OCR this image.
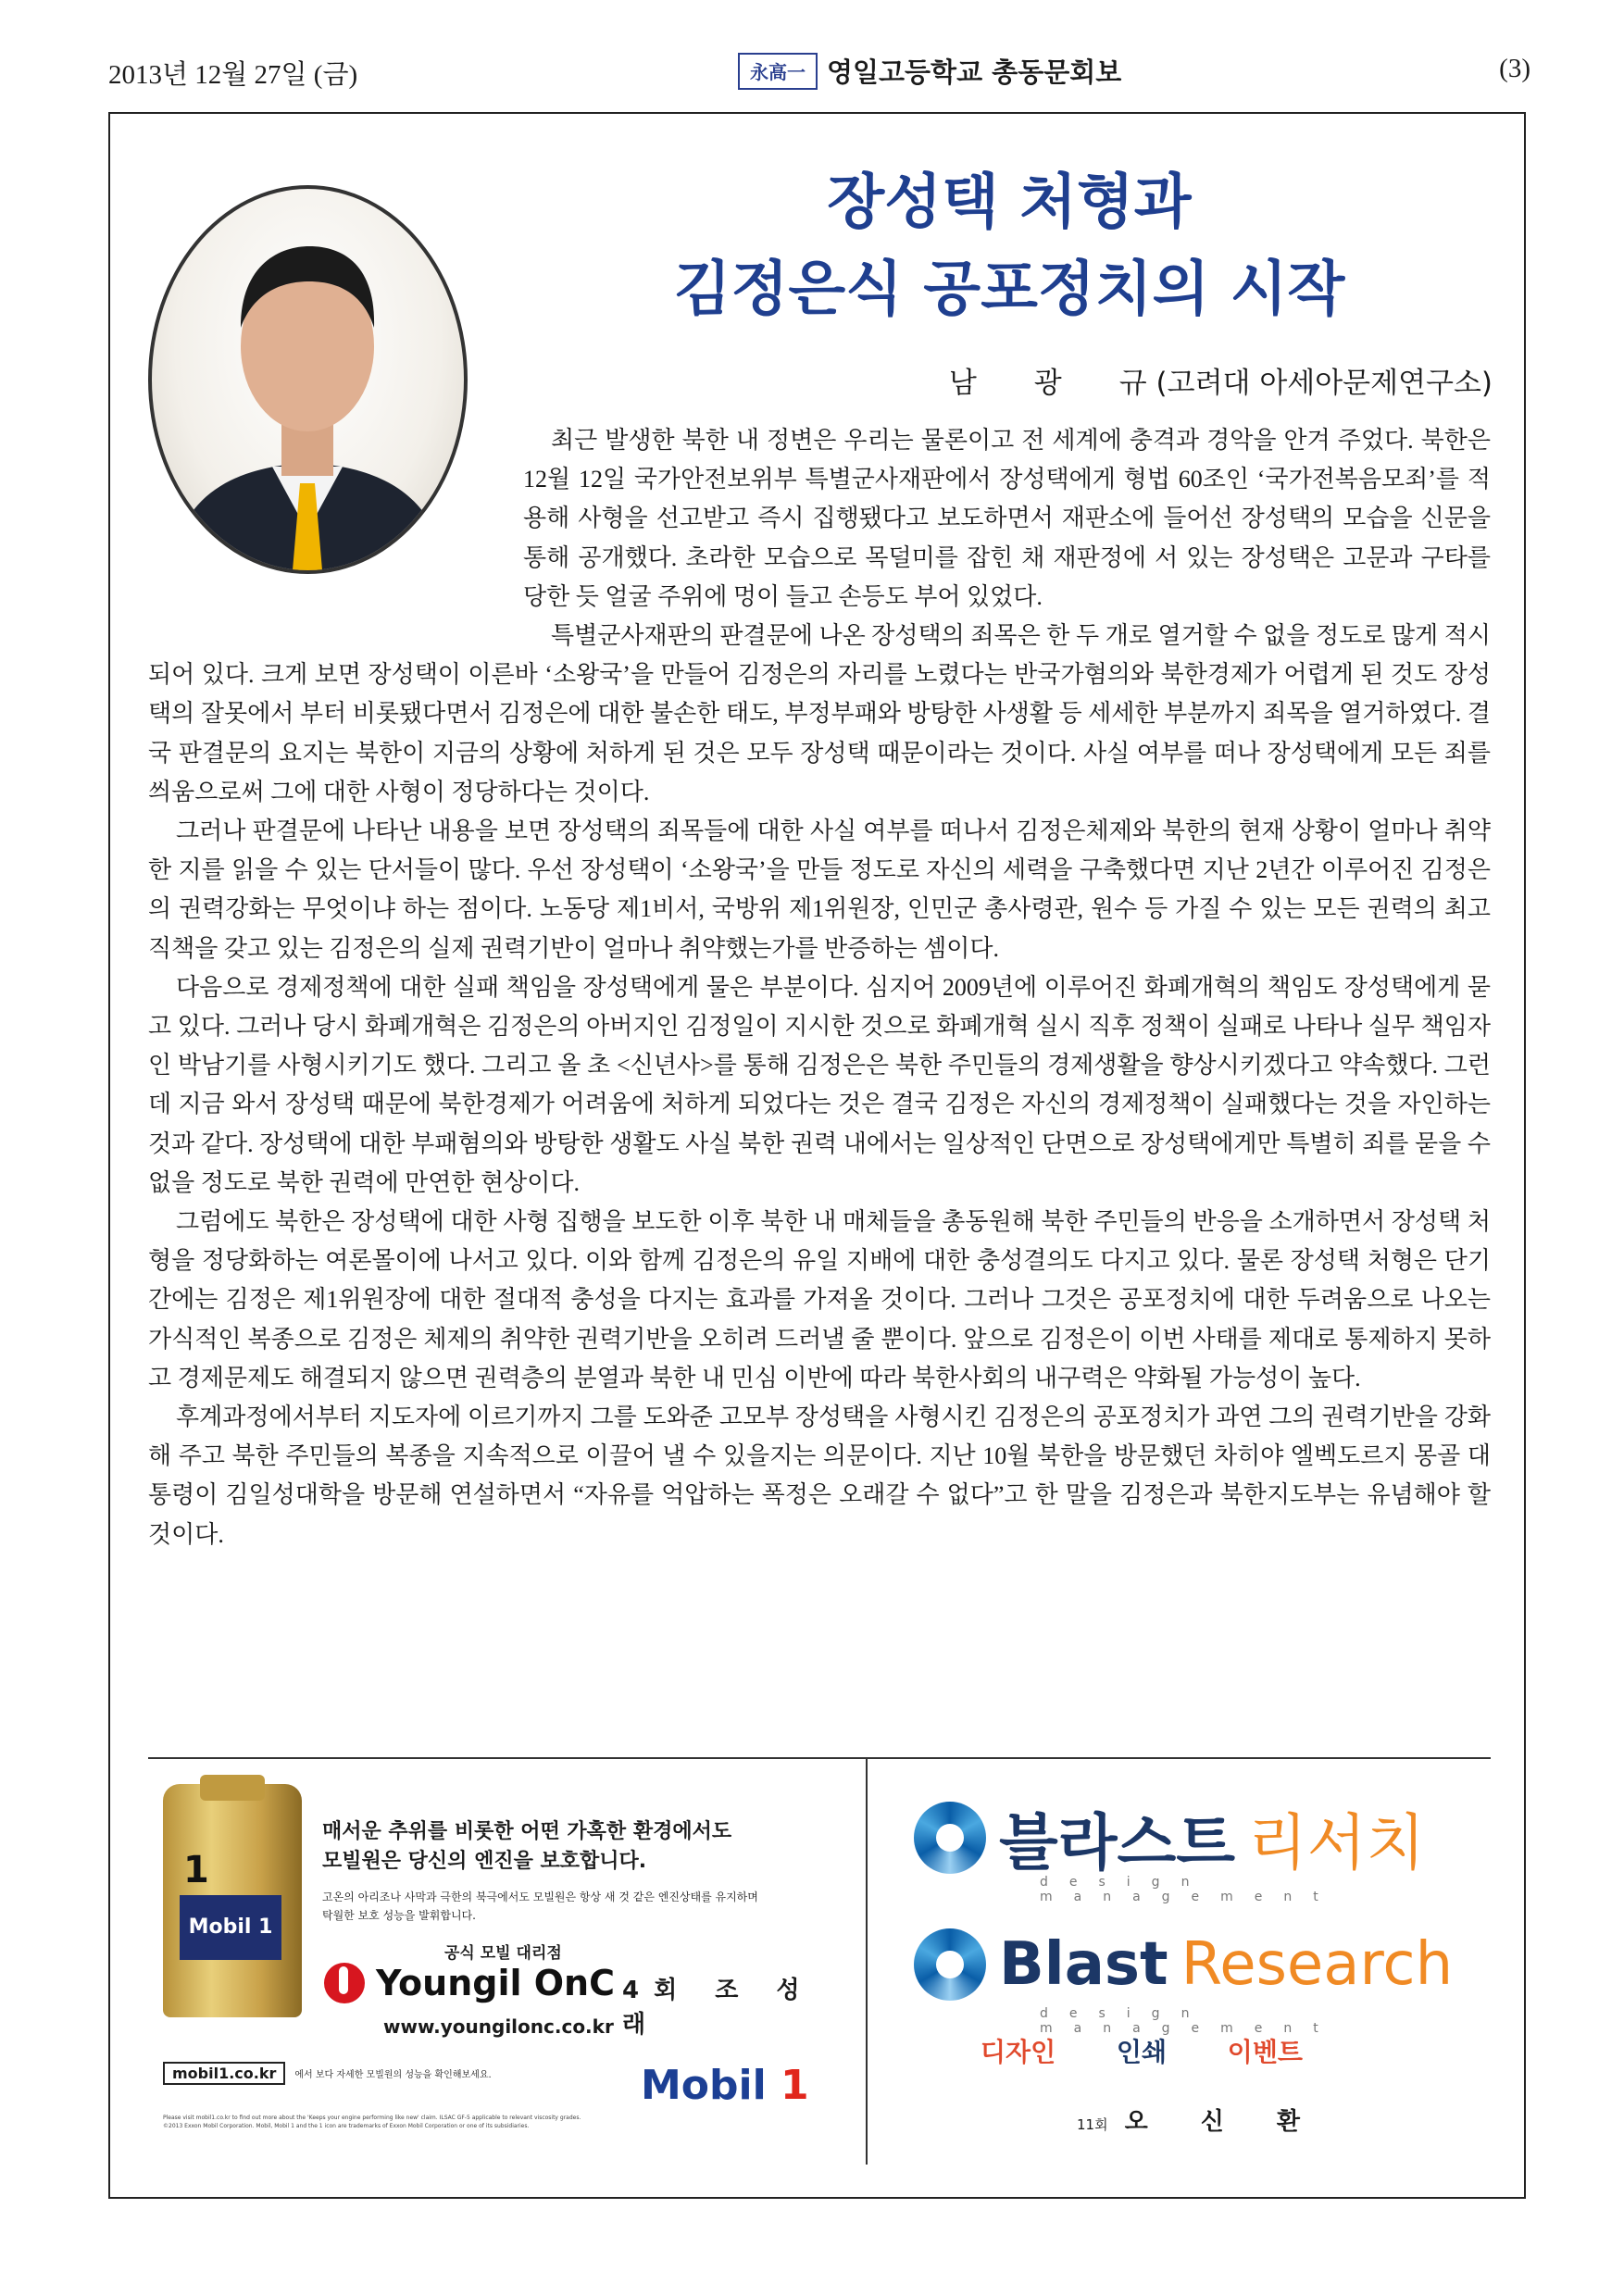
2013년 12월 27일 (금)	永高一 영일고등학교 총동문회보	(3)
장성택 처형과
김정은식 공포정치의 시작
남　　광　　규 (고려대 아세아문제연구소)

최근 발생한 북한 내 정변은 우리는 물론이고 전 세계에 충격과 경악을 안겨 주었다. 북한은 12월 12일 국가안전보위부 특별군사재판에서 장성택에게 형법 60조인 ‘국가전복음모죄’를 적용해 사형을 선고받고 즉시 집행됐다고 보도하면서 재판소에 들어선 장성택의 모습을 신문을 통해 공개했다. 초라한 모습으로 목덜미를 잡힌 채 재판정에 서 있는 장성택은 고문과 구타를 당한 듯 얼굴 주위에 멍이 들고 손등도 부어 있었다.

특별군사재판의 판결문에 나온 장성택의 죄목은 한 두 개로 열거할 수 없을 정도로 많게 적시되어 있다. 크게 보면 장성택이 이른바 ‘소왕국’을 만들어 김정은의 자리를 노렸다는 반국가혐의와 북한경제가 어렵게 된 것도 장성택의 잘못에서 부터 비롯됐다면서 김정은에 대한 불손한 태도, 부정부패와 방탕한 사생활 등 세세한 부분까지 죄목을 열거하였다. 결국 판결문의 요지는 북한이 지금의 상황에 처하게 된 것은 모두 장성택 때문이라는 것이다. 사실 여부를 떠나 장성택에게 모든 죄를 씌움으로써 그에 대한 사형이 정당하다는 것이다.

그러나 판결문에 나타난 내용을 보면 장성택의 죄목들에 대한 사실 여부를 떠나서 김정은체제와 북한의 현재 상황이 얼마나 취약한 지를 읽을 수 있는 단서들이 많다. 우선 장성택이 ‘소왕국’을 만들 정도로 자신의 세력을 구축했다면 지난 2년간 이루어진 김정은의 권력강화는 무엇이냐 하는 점이다. 노동당 제1비서, 국방위 제1위원장, 인민군 총사령관, 원수 등 가질 수 있는 모든 권력의 최고 직책을 갖고 있는 김정은의 실제 권력기반이 얼마나 취약했는가를 반증하는 셈이다.

다음으로 경제정책에 대한 실패 책임을 장성택에게 물은 부분이다. 심지어 2009년에 이루어진 화폐개혁의 책임도 장성택에게 묻고 있다. 그러나 당시 화폐개혁은 김정은의 아버지인 김정일이 지시한 것으로 화폐개혁 실시 직후 정책이 실패로 나타나 실무 책임자인 박남기를 사형시키기도 했다. 그리고 올 초 <신년사>를 통해 김정은은 북한 주민들의 경제생활을 향상시키겠다고 약속했다. 그런데 지금 와서 장성택 때문에 북한경제가 어려움에 처하게 되었다는 것은 결국 김정은 자신의 경제정책이 실패했다는 것을 자인하는 것과 같다. 장성택에 대한 부패혐의와 방탕한 생활도 사실 북한 권력 내에서는 일상적인 단면으로 장성택에게만 특별히 죄를 묻을 수 없을 정도로 북한 권력에 만연한 현상이다.

그럼에도 북한은 장성택에 대한 사형 집행을 보도한 이후 북한 내 매체들을 총동원해 북한 주민들의 반응을 소개하면서 장성택 처형을 정당화하는 여론몰이에 나서고 있다. 이와 함께 김정은의 유일 지배에 대한 충성결의도 다지고 있다. 물론 장성택 처형은 단기간에는 김정은 제1위원장에 대한 절대적 충성을 다지는 효과를 가져올 것이다. 그러나 그것은 공포정치에 대한 두려움으로 나오는 가식적인 복종으로 김정은 체제의 취약한 권력기반을 오히려 드러낼 줄 뿐이다. 앞으로 김정은이 이번 사태를 제대로 통제하지 못하고 경제문제도 해결되지 않으면 권력층의 분열과 북한 내 민심 이반에 따라 북한사회의 내구력은 약화될 가능성이 높다.

후계과정에서부터 지도자에 이르기까지 그를 도와준 고모부 장성택을 사형시킨 김정은의 공포정치가 과연 그의 권력기반을 강화해 주고 북한 주민들의 복종을 지속적으로 이끌어 낼 수 있을지는 의문이다. 지난 10월 북한을 방문했던 차히야 엘벡도르지 몽골 대통령이 김일성대학을 방문해 연설하면서 “자유를 억압하는 폭정은 오래갈 수 없다”고 한 말을 김정은과 북한지도부는 유념해야 할 것이다.

1
Mobil 1
매서운 추위를 비롯한 어떤 가혹한 환경에서도
모빌원은 당신의 엔진을 보호합니다.
고온의 아리조나 사막과 극한의 북극에서도 모빌원은 항상 새 것 같은 엔진상태를 유지하며
탁월한 보호 성능을 발휘합니다.
공식 모빌 대리점
Youngil OnC 4회 조 성 래
www.youngilonc.co.kr
mobil1.co.kr	에서 보다 자세한 모빌원의 성능을 확인해보세요.	Mobil 1
Please visit mobil1.co.kr to find out more about the 'Keeps your engine performing like new' claim. ILSAC GF-5 applicable to relevant viscosity grades.
©2013 Exxon Mobil Corporation. Mobil, Mobil 1 and the 1 icon are trademarks of Exxon Mobil Corporation or one of its subsidiaries.
블라스트 리서치
design management
Blast Research
design management
디자인 인쇄 이벤트
11회 오 신 환
